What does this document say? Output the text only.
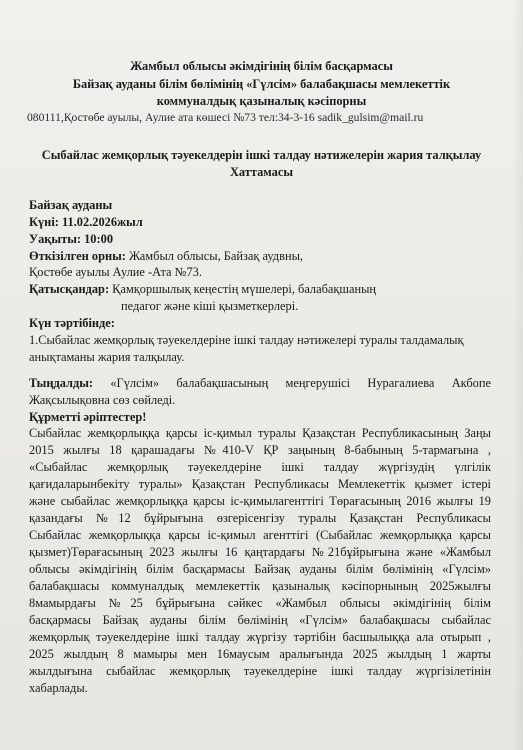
Жамбыл облысы әкімдігінің білім басқармасы
Байзақ ауданы білім бөлімінің «Гүлсім» балабақшасы мемлекеттік
коммуналдық қазыналық кәсіпорны
080111,Қостөбе ауылы, Аулие ата көшесі №73 тел:34-3-16 sadik_gulsim@mail.ru
Сыбайлас жемқорлық тәуекелдерін ішкі талдау нәтижелерін жария талқылау
Хаттамасы
Байзақ ауданы
Күні: 11.02.2026жыл
Уақыты: 10:00
Өткізілген орны: Жамбыл облысы, Байзақ аудвны,
Қостөбе ауылы Аулие -Ата №73.
Қатысқандар: Қамқоршылық кеңестің мүшелері, балабақшаның
педагог және кіші қызметкерлері.
Күн тәртібінде:
1.Сыбайлас жемқорлық тәуекелдеріне ішкі талдау нәтижелері туралы талдамалық
анықтаманы жария талқылау.
Тыңдалды: «Гүлсім» балабақшасының меңгерушісі Нурагалиева Акбопе
Жақсылықовна сөз сөйледі.
Құрметті әріптестер!
Сыбайлас жемқорлыққа қарсы іс-қимыл туралы Қазақстан Республикасының Заңы
2015 жылғы 18 қарашадағы №410-V ҚР заңының 8-бабының 5-тармағына ,
«Сыбайлас жемқорлық тәуекелдеріне ішкі талдау жүргізудің үлгілік
қағидаларынбекіту туралы» Қазақстан Республикасы Мемлекеттік қызмет істері
және сыбайлас жемқорлыққа қарсы іс-қимылагенттігі Төрағасының 2016 жылғы 19
қазандағы №12 бұйрығына өзгерісенгізу туралы Қазақстан Республикасы
Сыбайлас жемқорлыққа қарсы іс-қимыл агенттігі (Сыбайлас жемқорлыққа қарсы
қызмет)Төрағасының 2023 жылғы 16 қаңтардағы №21бұйрығына және «Жамбыл
облысы әкімдігінің білім басқармасы Байзақ ауданы білім бөлімінің «Гүлсім»
балабақшасы коммуналдық мемлекеттік қазыналық кәсіпорнының 2025жылғы
8мамырдағы №25 бұйрығына сәйкес «Жамбыл облысы әкімдігінің білім
басқармасы Байзақ ауданы білім бөлімінің «Гүлсім» балабақшасы сыбайлас
жемқорлық тәуекелдеріне ішкі талдау жүргізу тәртібін басшылыққа ала отырып ,
2025 жылдың 8 мамыры мен 16маусым аралығында 2025 жылдың 1 жарты
жылдығына сыбайлас жемқорлық тәуекелдеріне ішкі талдау жүргізілетінін
хабарлады.
